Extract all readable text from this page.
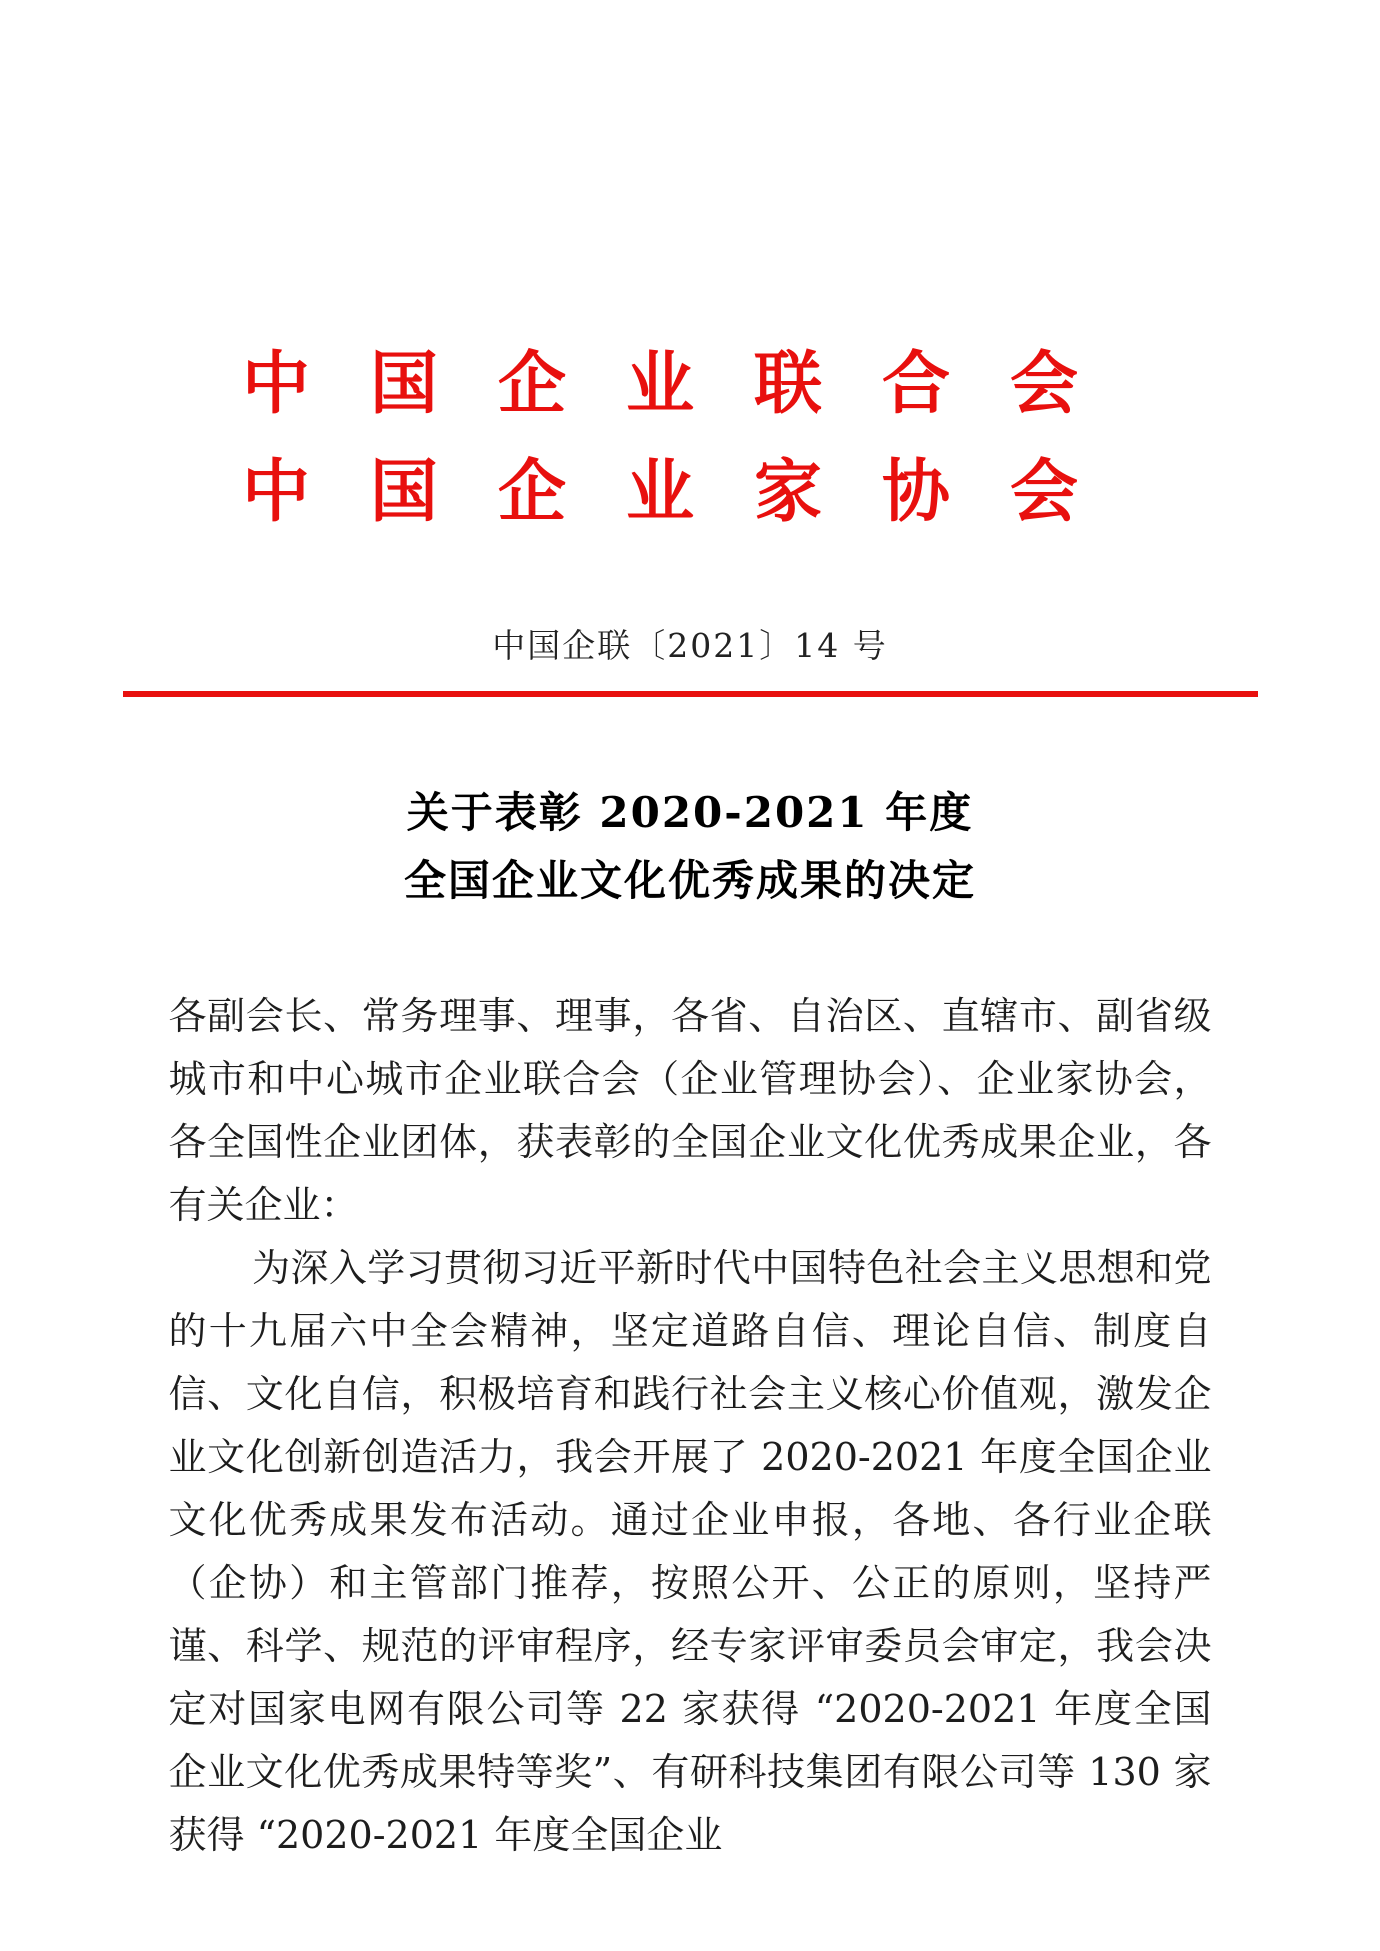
中国企业联合会
中国企业家协会
中国企联〔2021〕14 号
关于表彰 2020-2021 年度
全国企业文化优秀成果的决定

各副会长、常务理事、理事，各省、自治区、直辖市、副省级城市和中心城市企业联合会（企业管理协会）、企业家协会，各全国性企业团体，获表彰的全国企业文化优秀成果企业，各有关企业：

为深入学习贯彻习近平新时代中国特色社会主义思想和党的十九届六中全会精神，坚定道路自信、理论自信、制度自信、文化自信，积极培育和践行社会主义核心价值观，激发企业文化创新创造活力，我会开展了 2020-2021 年度全国企业文化优秀成果发布活动。通过企业申报，各地、各行业企联（企协）和主管部门推荐，按照公开、公正的原则，坚持严谨、科学、规范的评审程序，经专家评审委员会审定，我会决定对国家电网有限公司等 22 家获得 “2020-2021 年度全国企业文化优秀成果特等奖”、有研科技集团有限公司等 130 家获得 “2020-2021 年度全国企业
